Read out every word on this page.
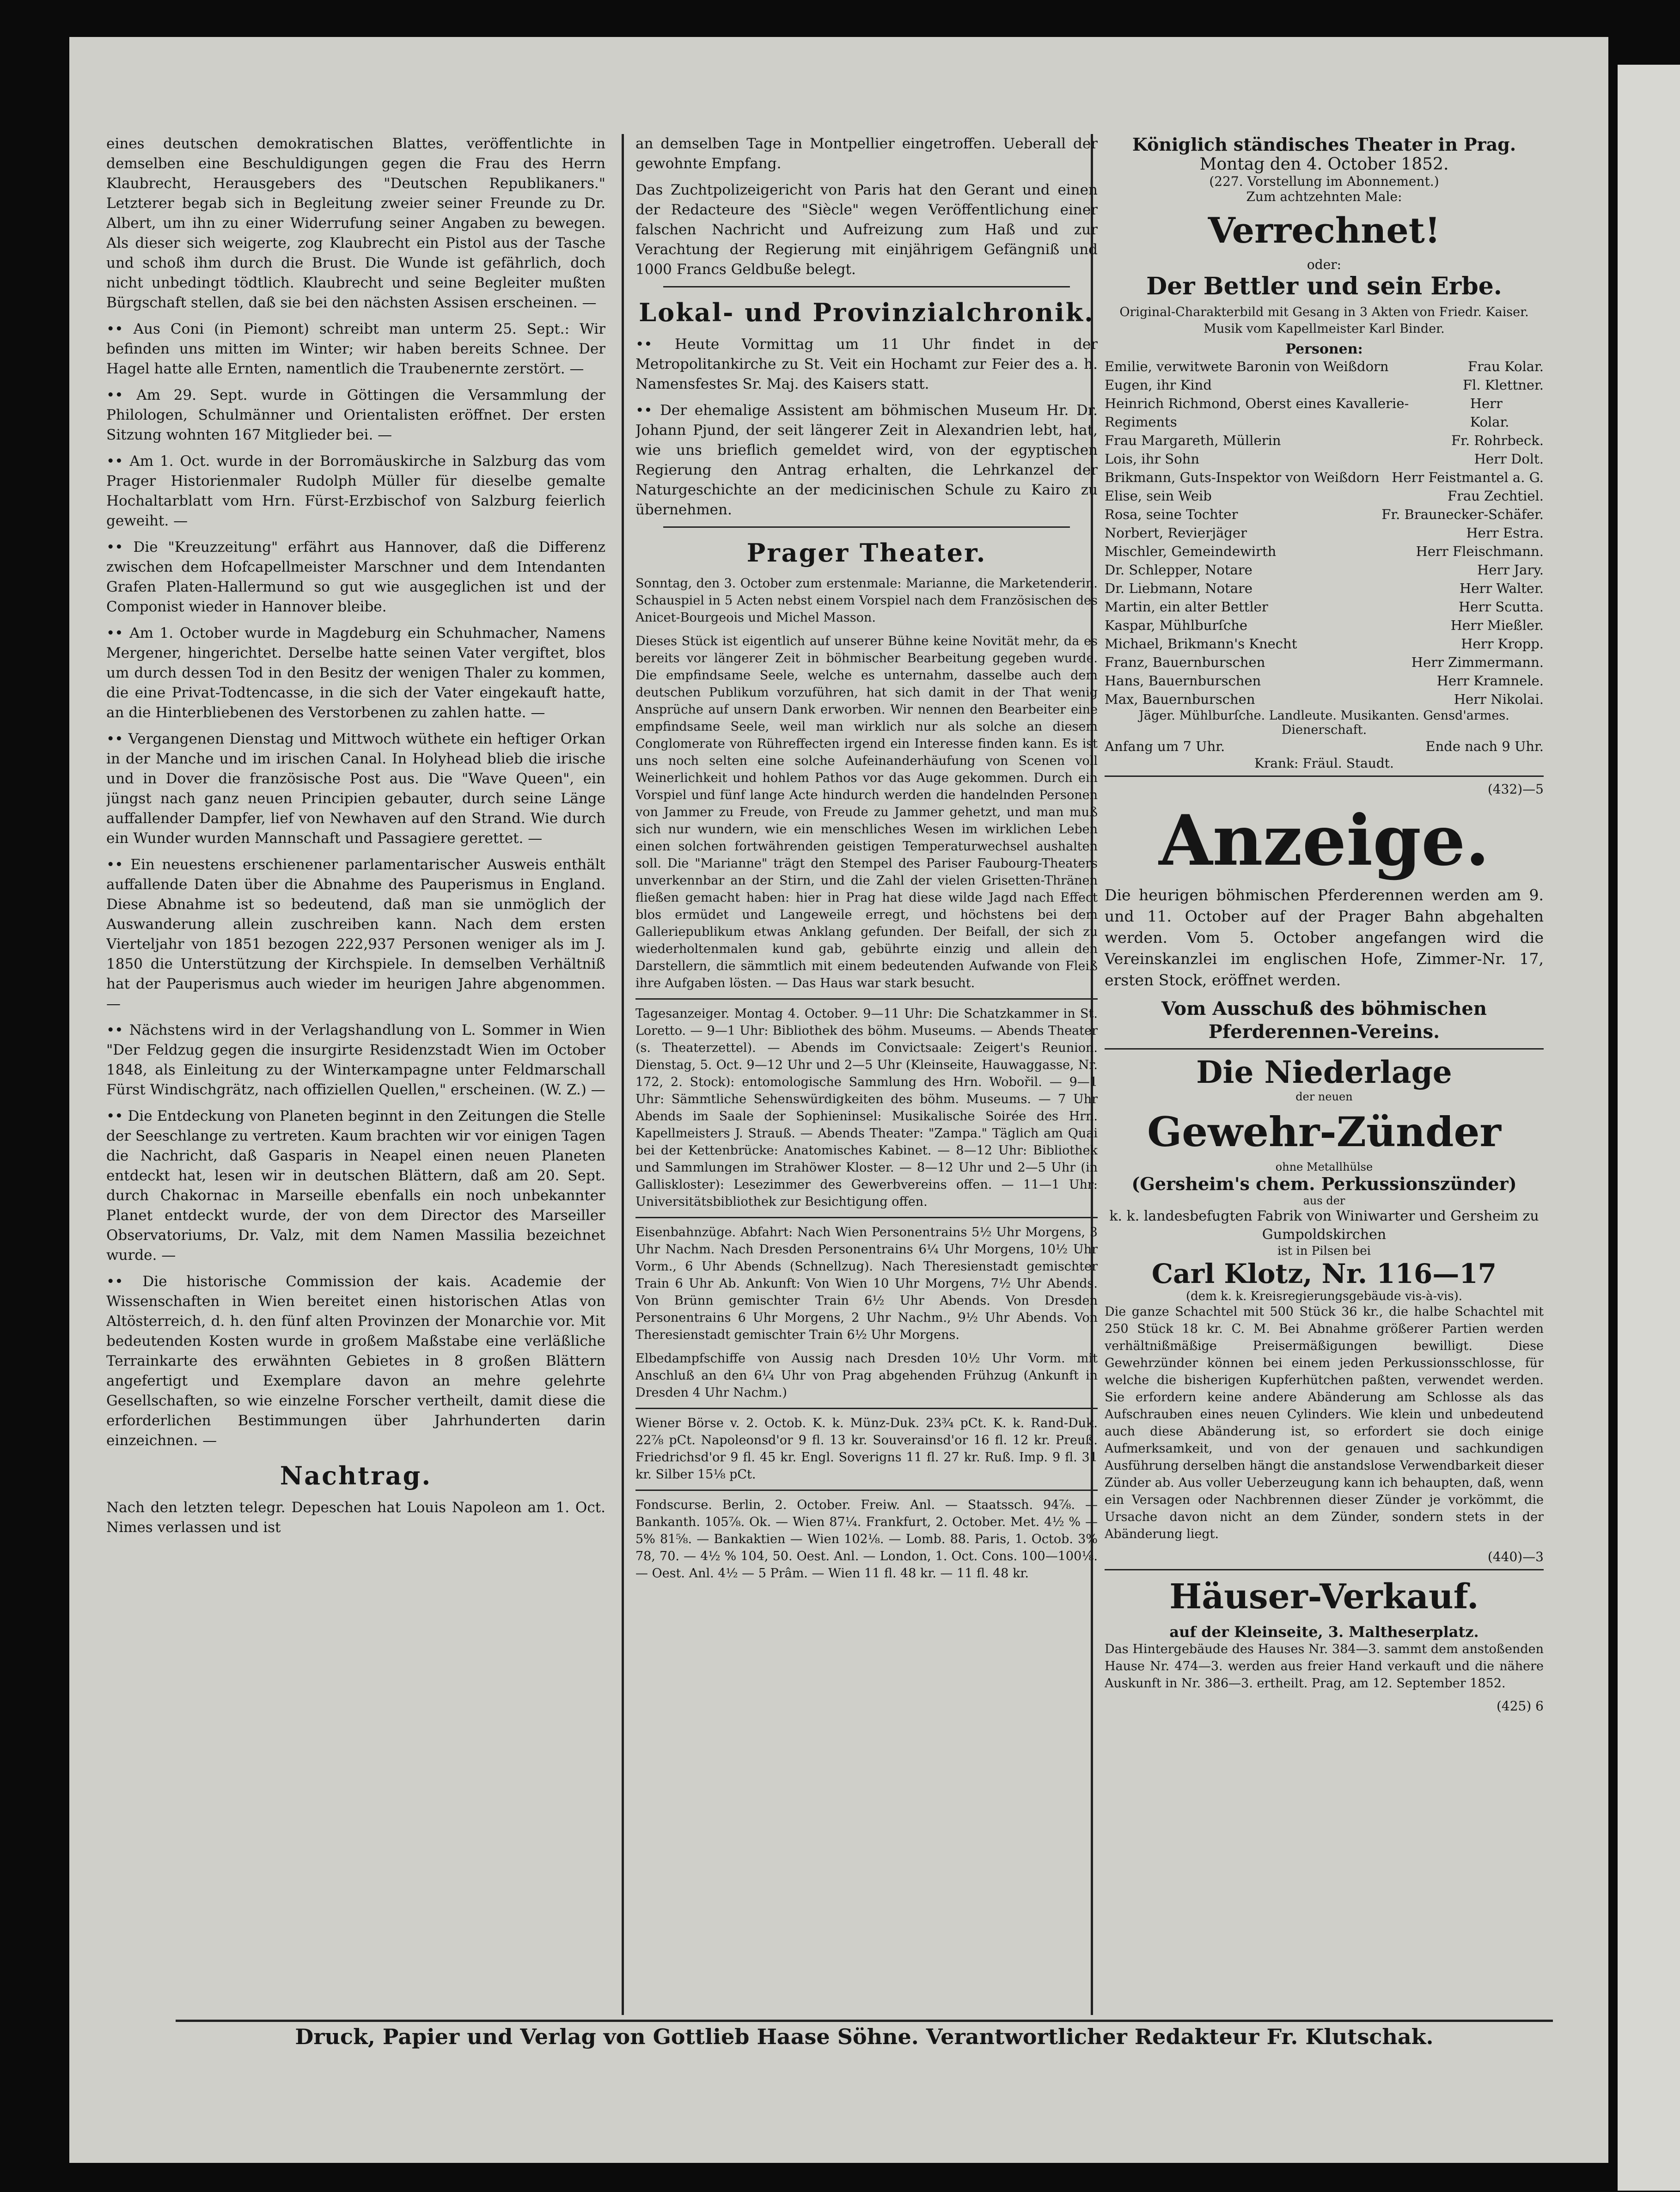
eines deutschen demokratischen Blattes, veröffentlichte in demselben eine Beschuldigungen gegen die Frau des Herrn Klaubrecht, Herausgebers des "Deutschen Republikaners." Letzterer begab sich in Begleitung zweier seiner Freunde zu Dr. Albert, um ihn zu einer Widerrufung seiner Angaben zu bewegen. Als dieser sich weigerte, zog Klaubrecht ein Pistol aus der Tasche und schoß ihm durch die Brust. Die Wunde ist gefährlich, doch nicht unbedingt tödtlich. Klaubrecht und seine Begleiter mußten Bürgschaft stellen, daß sie bei den nächsten Assisen erscheinen. —

•• Aus Coni (in Piemont) schreibt man unterm 25. Sept.: Wir befinden uns mitten im Winter; wir haben bereits Schnee. Der Hagel hatte alle Ernten, namentlich die Traubenernte zerstört. —

•• Am 29. Sept. wurde in Göttingen die Versammlung der Philologen, Schulmänner und Orientalisten eröffnet. Der ersten Sitzung wohnten 167 Mitglieder bei. —

•• Am 1. Oct. wurde in der Borromäuskirche in Salzburg das vom Prager Historienmaler Rudolph Müller für dieselbe gemalte Hochaltarblatt vom Hrn. Fürst-Erzbischof von Salzburg feierlich geweiht. —

•• Die "Kreuzzeitung" erfährt aus Hannover, daß die Differenz zwischen dem Hofcapellmeister Marschner und dem Intendanten Grafen Platen-Hallermund so gut wie ausgeglichen ist und der Componist wieder in Hannover bleibe.

•• Am 1. October wurde in Magdeburg ein Schuhmacher, Namens Mergener, hingerichtet. Derselbe hatte seinen Vater vergiftet, blos um durch dessen Tod in den Besitz der wenigen Thaler zu kommen, die eine Privat-Todtencasse, in die sich der Vater eingekauft hatte, an die Hinterbliebenen des Verstorbenen zu zahlen hatte. —

•• Vergangenen Dienstag und Mittwoch wüthete ein heftiger Orkan in der Manche und im irischen Canal. In Holyhead blieb die irische und in Dover die französische Post aus. Die "Wave Queen", ein jüngst nach ganz neuen Principien gebauter, durch seine Länge auffallender Dampfer, lief von Newhaven auf den Strand. Wie durch ein Wunder wurden Mannschaft und Passagiere gerettet. —

•• Ein neuestens erschienener parlamentarischer Ausweis enthält auffallende Daten über die Abnahme des Pauperismus in England. Diese Abnahme ist so bedeutend, daß man sie unmöglich der Auswanderung allein zuschreiben kann. Nach dem ersten Vierteljahr von 1851 bezogen 222,937 Personen weniger als im J. 1850 die Unterstützung der Kirchspiele. In demselben Verhältniß hat der Pauperismus auch wieder im heurigen Jahre abgenommen. —

•• Nächstens wird in der Verlagshandlung von L. Sommer in Wien "Der Feldzug gegen die insurgirte Residenzstadt Wien im October 1848, als Einleitung zu der Winterкampagne unter Feldmarschall Fürst Windischgrätz, nach offiziellen Quellen," erscheinen. (W. Z.) —

•• Die Entdeckung von Planeten beginnt in den Zeitungen die Stelle der Seeschlange zu vertreten. Kaum brachten wir vor einigen Tagen die Nachricht, daß Gasparis in Neapel einen neuen Planeten entdeckt hat, lesen wir in deutschen Blättern, daß am 20. Sept. durch Chakornac in Marseille ebenfalls ein noch unbekannter Planet entdeckt wurde, der von dem Director des Marseiller Observatoriums, Dr. Valz, mit dem Namen Massilia bezeichnet wurde. —

•• Die historische Commission der kais. Academie der Wissenschaften in Wien bereitet einen historischen Atlas von Altösterreich, d. h. den fünf alten Provinzen der Monarchie vor. Mit bedeutenden Kosten wurde in großem Maßstabe eine verläßliche Terrainkarte des erwähnten Gebietes in 8 großen Blättern angefertigt und Exemplare davon an mehre gelehrte Gesellschaften, so wie einzelne Forscher vertheilt, damit diese die erforderlichen Bestimmungen über Jahrhunderten darin einzeichnen. —

Nachtrag.

Nach den letzten telegr. Depeschen hat Louis Napoleon am 1. Oct. Nimes verlassen und ist

an demselben Tage in Montpellier eingetroffen. Ueberall der gewohnte Empfang.

Das Zuchtpolizeigericht von Paris hat den Gerant und einen der Redacteure des "Siècle" wegen Veröffentlichung einer falschen Nachricht und Aufreizung zum Haß und zur Verachtung der Regierung mit einjährigem Gefängniß und 1000 Francs Geldbuße belegt.

Lokal- und Provinzialchronik.

•• Heute Vormittag um 11 Uhr findet in der Metropolitankirche zu St. Veit ein Hochamt zur Feier des a. h. Namensfestes Sr. Maj. des Kaisers statt.

•• Der ehemalige Assistent am böhmischen Museum Hr. Dr. Johann Pjund, der seit längerer Zeit in Alexandrien lebt, hat, wie uns brieflich gemeldet wird, von der egyptischen Regierung den Antrag erhalten, die Lehrkanzel der Naturgeschichte an der medicinischen Schule zu Kairo zu übernehmen.

Prager Theater.

Sonntag, den 3. October zum erstenmale: Marianne, die Marketenderin. Schauspiel in 5 Acten nebst einem Vorspiel nach dem Französischen des Anicet-Bourgeois und Michel Masson.

Dieses Stück ist eigentlich auf unserer Bühne keine Novität mehr, da es bereits vor längerer Zeit in böhmischer Bearbeitung gegeben wurde. Die empfindsame Seele, welche es unternahm, dasselbe auch dem deutschen Publikum vorzuführen, hat sich damit in der That wenig Ansprüche auf unsern Dank erworben. Wir nennen den Bearbeiter eine empfindsame Seele, weil man wirklich nur als solche an diesem Conglomerate von Rühreffecten irgend ein Interesse finden kann. Es ist uns noch selten eine solche Aufeinanderhäufung von Scenen voll Weinerlichkeit und hohlem Pathos vor das Auge gekommen. Durch ein Vorspiel und fünf lange Acte hindurch werden die handelnden Personen von Jammer zu Freude, von Freude zu Jammer gehetzt, und man muß sich nur wundern, wie ein menschliches Wesen im wirklichen Leben einen solchen fortwährenden geistigen Temperaturwechsel aushalten soll. Die "Marianne" trägt den Stempel des Pariser Faubourg-Theaters unverkennbar an der Stirn, und die Zahl der vielen Grisetten-Thränen fließen gemacht haben: hier in Prag hat diese wilde Jagd nach Effect blos ermüdet und Langeweile erregt, und höchstens bei dem Galleriepublikum etwas Anklang gefunden. Der Beifall, der sich zu wiederholtenmalen kund gab, gebührte einzig und allein den Darstellern, die sämmtlich mit einem bedeutenden Aufwande von Fleiß ihre Aufgaben lösten. — Das Haus war stark besucht.

Tagesanzeiger. Montag 4. October. 9—11 Uhr: Die Schatzkammer in St. Loretto. — 9—1 Uhr: Bibliothek des böhm. Museums. — Abends Theater (s. Theaterzettel). — Abends im Convictsaale: Zeigert's Reunion. Dienstag, 5. Oct. 9—12 Uhr und 2—5 Uhr (Kleinseite, Hauwaggasse, Nr. 172, 2. Stock): entomologische Sammlung des Hrn. Wobořil. — 9—1 Uhr: Sämmtliche Sehenswürdigkeiten des böhm. Museums. — 7 Uhr Abends im Saale der Sophieninsel: Musikalische Soirée des Hrn. Kapellmeisters J. Strauß. — Abends Theater: "Zampa." Täglich am Quai bei der Kettenbrücke: Anatomisches Kabinet. — 8—12 Uhr: Bibliothek und Sammlungen im Strahöwer Kloster. — 8—12 Uhr und 2—5 Uhr (in Galliskloster): Lesezimmer des Gewerbvereins offen. — 11—1 Uhr: Universitätsbibliothek zur Besichtigung offen.

Eisenbahnzüge. Abfahrt: Nach Wien Personentrains 5½ Uhr Morgens, 3 Uhr Nachm. Nach Dresden Personentrains 6¼ Uhr Morgens, 10½ Uhr Vorm., 6 Uhr Abends (Schnellzug). Nach Theresienstadt gemischter Train 6 Uhr Ab. Ankunft: Von Wien 10 Uhr Morgens, 7½ Uhr Abends. Von Brünn gemischter Train 6½ Uhr Abends. Von Dresden Personentrains 6 Uhr Morgens, 2 Uhr Nachm., 9½ Uhr Abends. Von Theresienstadt gemischter Train 6½ Uhr Morgens.

Elbedampfschiffe von Aussig nach Dresden 10½ Uhr Vorm. mit Anschluß an den 6¼ Uhr von Prag abgehenden Frühzug (Ankunft in Dresden 4 Uhr Nachm.)

Wiener Börse v. 2. Octob. K. k. Münz-Duk. 23¾ pCt. K. k. Rand-Duk. 22⅞ pCt. Napoleonsd'or 9 fl. 13 kr. Souverainsd'or 16 fl. 12 kr. Preuß. Friedrichsd'or 9 fl. 45 kr. Engl. Soverigns 11 fl. 27 kr. Ruß. Imp. 9 fl. 31 kr. Silber 15⅛ pCt.

Fondscurse. Berlin, 2. October. Freiw. Anl. — Staatssch. 94⅞. — Bankanth. 105⅞. Ok. — Wien 87¼. Frankfurt, 2. October. Met. 4½ % — 5% 81⅝. — Bankaktien — Wien 102⅛. — Lomb. 88. Paris, 1. Octob. 3% 78, 70. — 4½ % 104, 50. Oest. Anl. — London, 1. Oct. Cons. 100—100⅛. — Oest. Anl. 4½ — 5 Prâm. — Wien 11 fl. 48 kr. — 11 fl. 48 kr.

Königlich ständisches Theater in Prag.
Montag den 4. October 1852.
(227. Vorstellung im Abonnement.)
Zum achtzehnten Male:
Verrechnet!
oder:
Der Bettler und sein Erbe.
Original-Charakterbild mit Gesang in 3 Akten von Friedr. Kaiser. Musik vom Kapellmeister Karl Binder.
Personen:
Emilie, verwitwete Baronin von Weißdorn	Frau Kolar.
Eugen, ihr Kind	Fl. Klettner.
Heinrich Richmond, Oberst eines Kavallerie-Regiments
Herr Kolar.
Frau Margareth, Müllerin	Fr. Rohrbeck.
Lois, ihr Sohn	Herr Dolt.
Brikmann, Guts-Inspektor von Weißdorn Herr Feistmantel a. G.
Elise, sein Weib	Frau Zechtiel.
Rosa, seine Tochter	Fr. Braunecker-Schäfer.
Norbert, Revierjäger	Herr Estra.
Mischler, Gemeindewirth	Herr Fleischmann.
Dr. Schlepper, Notare	Herr Jary.
Dr. Liebmann, Notare	Herr Walter.
Martin, ein alter Bettler	Herr Scutta.
Kaspar, Mühlburſche	Herr Mießler.
Michael, Brikmann's Knecht	Herr Kropp.
Franz, Bauernburschen	Herr Zimmermann.
Hans, Bauernburschen	Herr Kramnele.
Max, Bauernburschen	Herr Nikolai.
Jäger. Mühlburſche. Landleute. Musikanten. Gensd'armes. Dienerschaft.
Anfang um 7 Uhr.	Ende nach 9 Uhr.
Krank: Fräul. Staudt.
(432)—5
Anzeige.

Die heurigen böhmischen Pferderennen werden am 9. und 11. October auf der Prager Bahn abgehalten werden. Vom 5. October angefangen wird die Vereinskanzlei im englischen Hofe, Zimmer-Nr. 17, ersten Stock, eröffnet werden.

Vom Ausschuß des böhmischen Pferderennen-Vereins.
Die Niederlage
der neuen
Gewehr-Zünder
ohne Metallhülse
(Gersheim's chem. Perkussionszünder)
aus der
k. k. landesbefugten Fabrik von Winiwarter und Gersheim zu Gumpoldskirchen
ist in Pilsen bei
Carl Klotz, Nr. 116—17
(dem k. k. Kreisregierungsgebäude vis-à-vis).

Die ganze Schachtel mit 500 Stück 36 kr., die halbe Schachtel mit 250 Stück 18 kr. C. M. Bei Abnahme größerer Partien werden verhältnißmäßige Preisermäßigungen bewilligt. Diese Gewehrzünder können bei einem jeden Perkussionsschlosse, für welche die bisherigen Kupferhütchen paßten, verwendet werden. Sie erfordern keine andere Abänderung am Schlosse als das Aufschrauben eines neuen Cylinders. Wie klein und unbedeutend auch diese Abänderung ist, so erfordert sie doch einige Aufmerksamkeit, und von der genauen und sachkundigen Ausführung derselben hängt die anstandslose Verwendbarkeit dieser Zünder ab. Aus voller Ueberzeugung kann ich behaupten, daß, wenn ein Versagen oder Nachbrennen dieser Zünder je vorkömmt, die Ursache davon nicht an dem Zünder, sondern stets in der Abänderung liegt.

(440)—3
Häuser-Verkauf.
auf der Kleinseite, 3. Maltheserplatz.

Das Hintergebäude des Hauses Nr. 384—3. sammt dem anstoßenden Hause Nr. 474—3. werden aus freier Hand verkauft und die nähere Auskunft in Nr. 386—3. ertheilt. Prag, am 12. September 1852.

(425) 6
Druck, Papier und Verlag von Gottlieb Haase Söhne. Verantwortlicher Redakteur Fr. Klutschak.
